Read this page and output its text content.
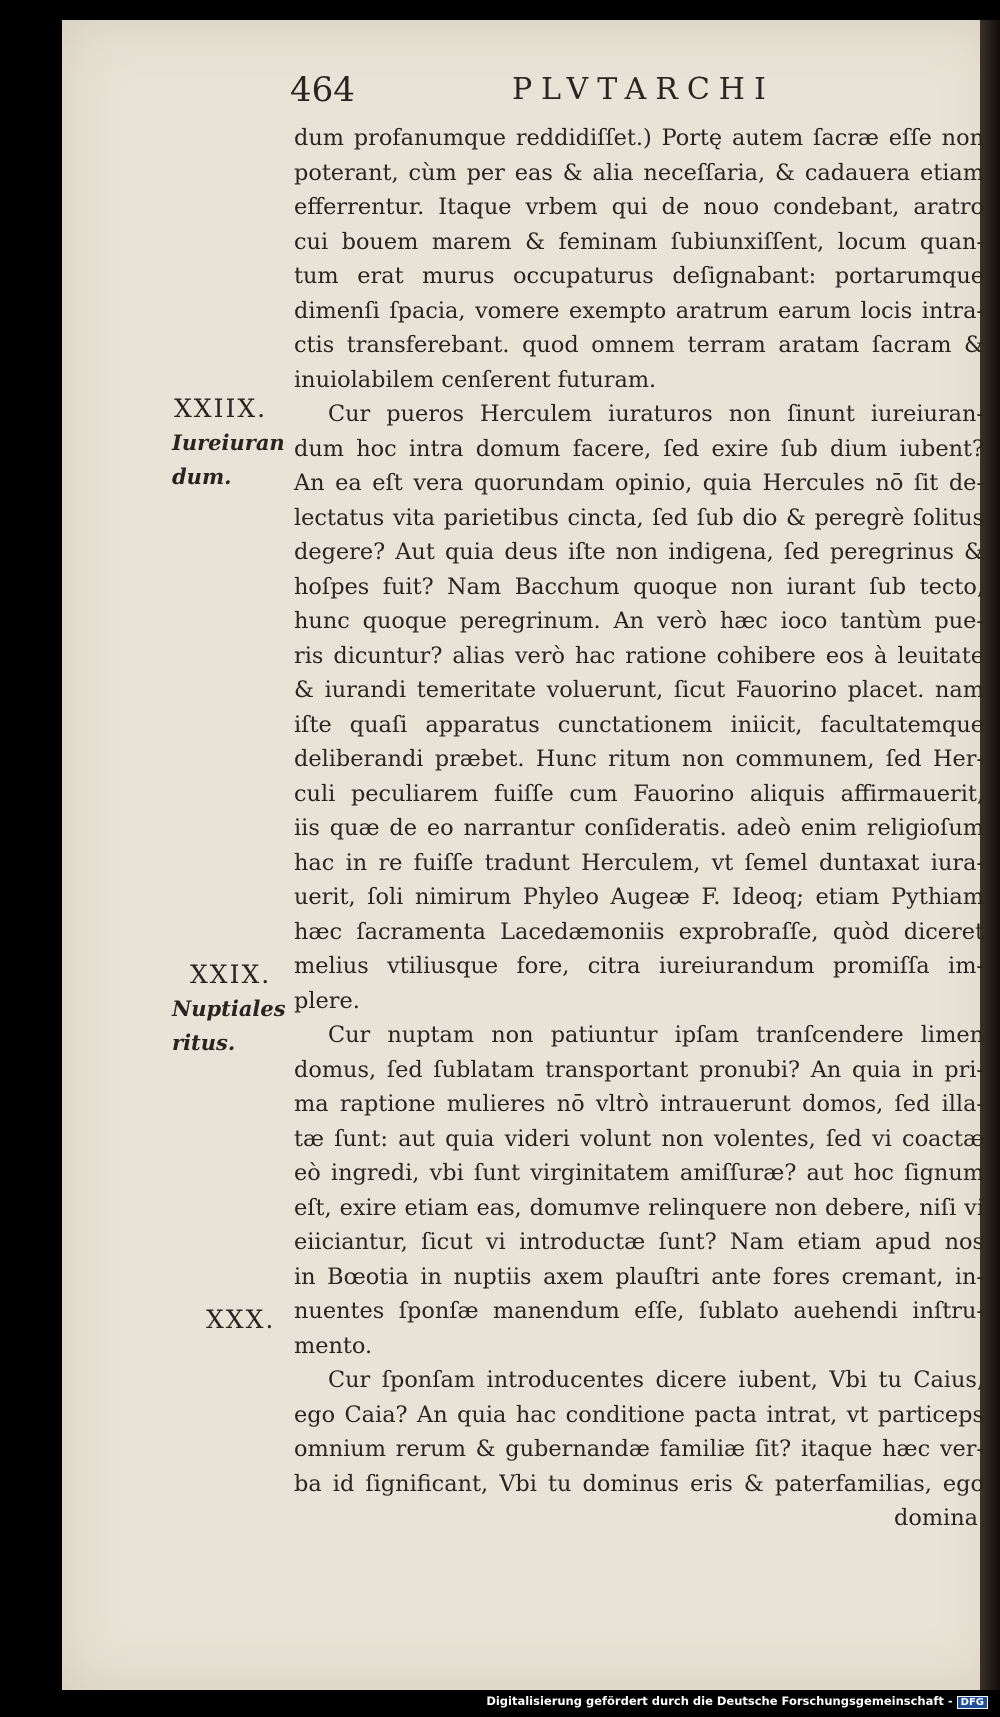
464	PLVTARCHI
dum profanumque reddidiſſet.) Portę autem ſacræ eſſe non
poterant, cùm per eas & alia neceſſaria, & cadauera etiam
efferrentur. Itaque vrbem qui de nouo condebant, aratro
cui bouem marem & feminam ſubiunxiſſent, locum quan-
tum erat murus occupaturus deſignabant: portarumque
dimenſi ſpacia, vomere exempto aratrum earum locis intra-
ctis transferebant. quod omnem terram aratam ſacram &
inuiolabilem cenſerent futuram.
Cur pueros Herculem iuraturos non ſinunt iureiuran-
dum hoc intra domum facere, ſed exire ſub dium iubent?
An ea eſt vera quorundam opinio, quia Hercules nō ſit de-
lectatus vita parietibus cincta, ſed ſub dio & peregrè ſolitus
degere? Aut quia deus iſte non indigena, ſed peregrinus &
hoſpes fuit? Nam Bacchum quoque non iurant ſub tecto,
hunc quoque peregrinum. An verò hæc ioco tantùm pue-
ris dicuntur? alias verò hac ratione cohibere eos à leuitate
& iurandi temeritate voluerunt, ſicut Fauorino placet. nam
iſte quaſi apparatus cunctationem iniicit, facultatemque
deliberandi præbet. Hunc ritum non communem, ſed Her-
culi peculiarem fuiſſe cum Fauorino aliquis affirmauerit,
iis quæ de eo narrantur conſideratis. adeò enim religioſum
hac in re fuiſſe tradunt Herculem, vt ſemel duntaxat iura-
uerit, ſoli nimirum Phyleo Augeæ F. Ideoq; etiam Pythiam
hæc ſacramenta Lacedæmoniis exprobraſſe, quòd diceret
melius vtiliusque fore, citra iureiurandum promiſſa im-
plere.
Cur nuptam non patiuntur ipſam tranſcendere limen
domus, ſed ſublatam transportant pronubi? An quia in pri-
ma raptione mulieres nō vltrò intrauerunt domos, ſed illa-
tæ ſunt: aut quia videri volunt non volentes, ſed vi coactæ
eò ingredi, vbi ſunt virginitatem amiſſuræ? aut hoc ſignum
eſt, exire etiam eas, domumve relinquere non debere, niſi vi
eiiciantur, ſicut vi introductæ ſunt? Nam etiam apud nos
in Bœotia in nuptiis axem plauſtri ante fores cremant, in-
nuentes ſponſæ manendum eſſe, ſublato auehendi inſtru-
mento.
Cur ſponſam introducentes dicere iubent, Vbi tu Caius,
ego Caia? An quia hac conditione pacta intrat, vt particeps
omnium rerum & gubernandæ familiæ ſit? itaque hæc ver-
ba id ſignificant, Vbi tu dominus eris & paterfamilias, ego
domina
XXIIX.
Iureiuran
dum.
XXIX.
Nuptiales
ritus.
XXX.
Digitalisierung gefördert durch die Deutsche Forschungsgemeinschaft - DFG
